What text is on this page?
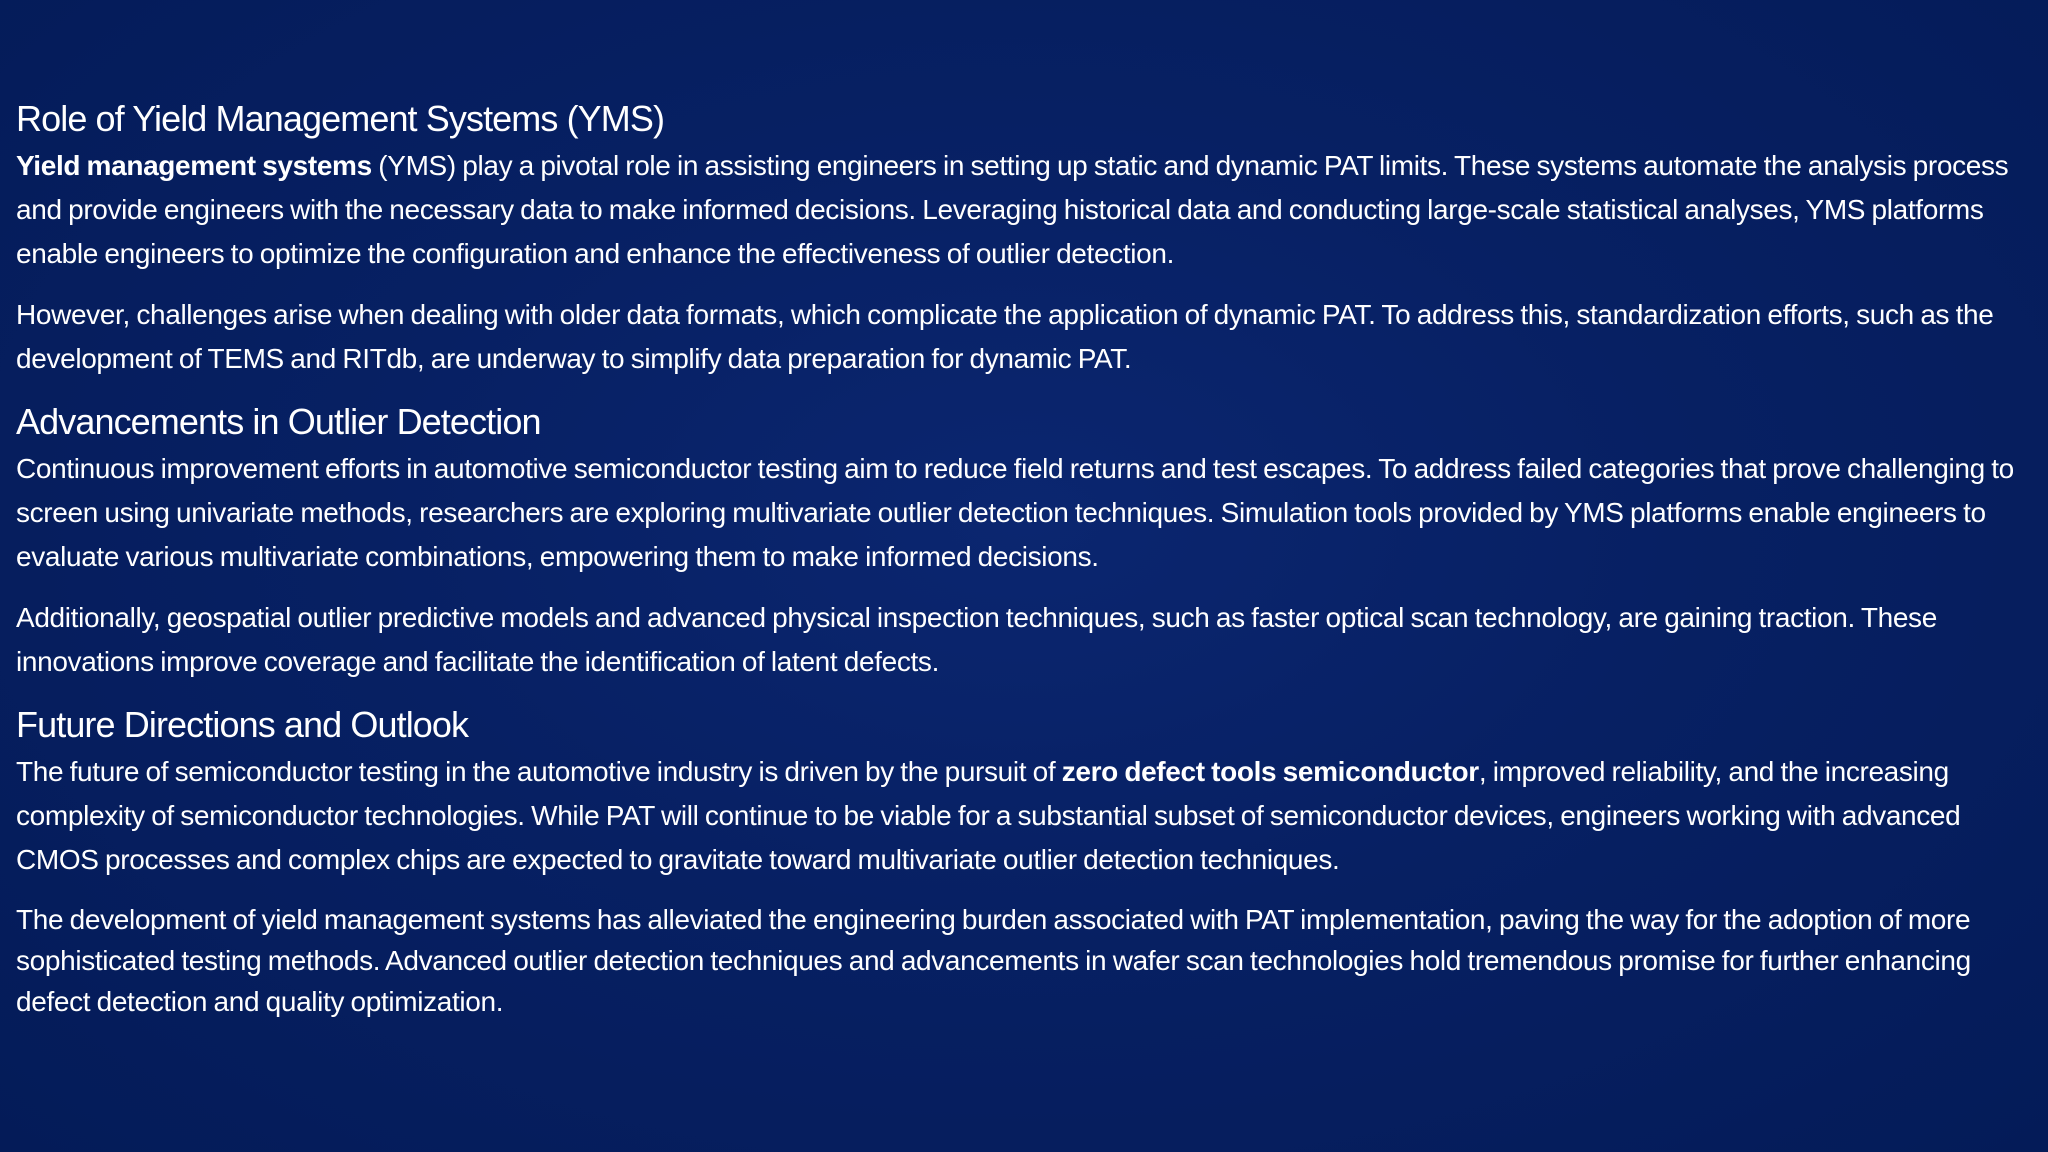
Role of Yield Management Systems (YMS)

Yield management systems (YMS) play a pivotal role in assisting engineers in setting up static and dynamic PAT limits. These systems automate the analysis process and provide engineers with the necessary data to make informed decisions. Leveraging historical data and conducting large-scale statistical analyses, YMS platforms enable engineers to optimize the configuration and enhance the effectiveness of outlier detection.

However, challenges arise when dealing with older data formats, which complicate the application of dynamic PAT. To address this, standardization efforts, such as the development of TEMS and RITdb, are underway to simplify data preparation for dynamic PAT.

Advancements in Outlier Detection

Continuous improvement efforts in automotive semiconductor testing aim to reduce field returns and test escapes. To address failed categories that prove challenging to screen using univariate methods, researchers are exploring multivariate outlier detection techniques. Simulation tools provided by YMS platforms enable engineers to evaluate various multivariate combinations, empowering them to make informed decisions.

Additionally, geospatial outlier predictive models and advanced physical inspection techniques, such as faster optical scan technology, are gaining traction. These innovations improve coverage and facilitate the identification of latent defects.

Future Directions and Outlook

The future of semiconductor testing in the automotive industry is driven by the pursuit of zero defect tools semiconductor, improved reliability, and the increasing complexity of semiconductor technologies. While PAT will continue to be viable for a substantial subset of semiconductor devices, engineers working with advanced CMOS processes and complex chips are expected to gravitate toward multivariate outlier detection techniques.

The development of yield management systems has alleviated the engineering burden associated with PAT implementation, paving the way for the adoption of more sophisticated testing methods. Advanced outlier detection techniques and advancements in wafer scan technologies hold tremendous promise for further enhancing defect detection and quality optimization.
